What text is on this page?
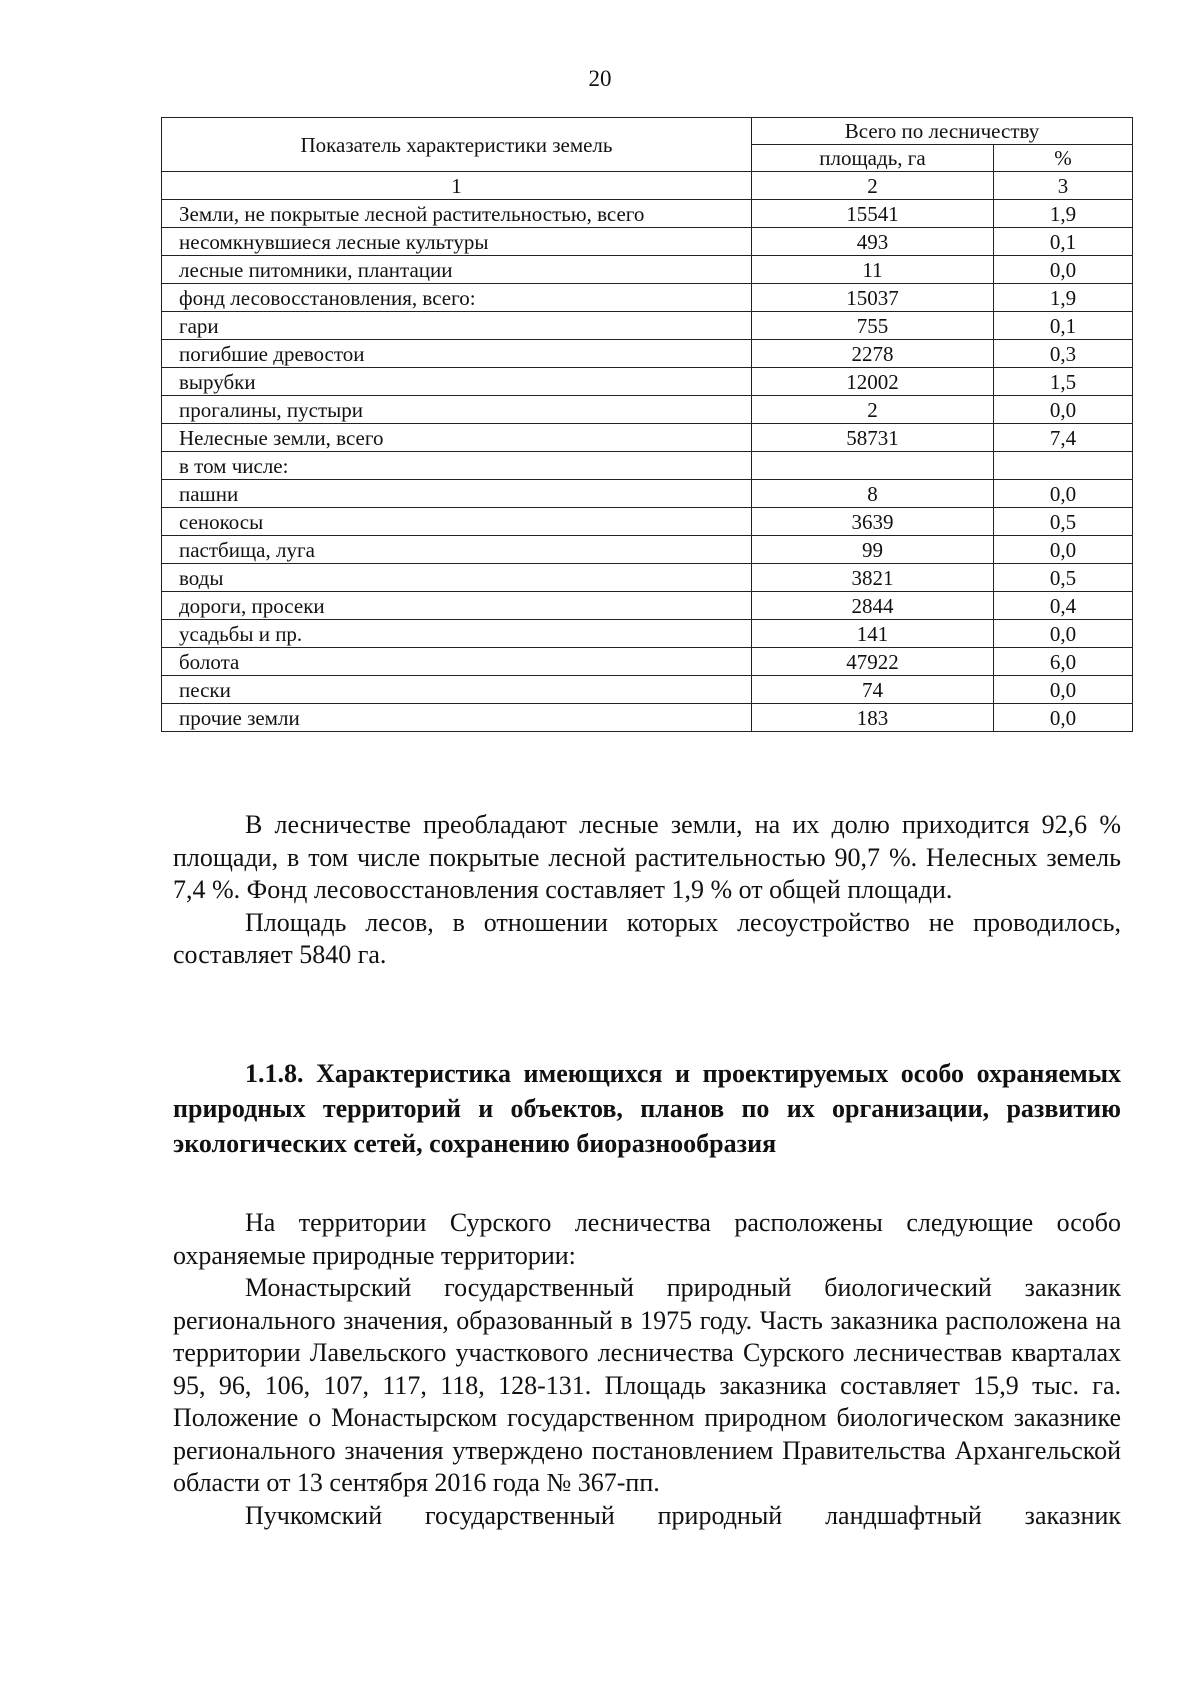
20
Показатель характеристики земель	Всего по лесничеству	
	площадь, га	%
1	2	3
Земли, не покрытые лесной растительностью, всего	15541	1,9
несомкнувшиеся лесные культуры	493	0,1
лесные питомники, плантации	11	0,0
фонд лесовосстановления, всего:	15037	1,9
гари	755	0,1
погибшие древостои	2278	0,3
вырубки	12002	1,5
прогалины, пустыри	2	0,0
Нелесные земли, всего	58731	7,4
в том числе:		
пашни	8	0,0
сенокосы	3639	0,5
пастбища, луга	99	0,0
воды	3821	0,5
дороги, просеки	2844	0,4
усадьбы и пр.	141	0,0
болота	47922	6,0
пески	74	0,0
прочие земли	183	0,0

В лесничестве преобладают лесные земли, на их долю приходится 92,6 % площади, в том числе покрытые лесной растительностью 90,7 %. Нелесных земель 7,4 %. Фонд лесовосстановления составляет 1,9 % от общей площади.

Площадь лесов, в отношении которых лесоустройство не проводилось, составляет 5840 га.

1.1.8. Характеристика имеющихся и проектируемых особо охраняемых природных территорий и объектов, планов по их организации, развитию экологических сетей, сохранению биоразнообразия

На территории Сурского лесничества расположены следующие особо охраняемые природные территории:

Монастырский государственный природный биологический заказник регионального значения, образованный в 1975 году. Часть заказника расположена на территории Лавельского участкового лесничества Сурского лесничествав кварталах 95, 96, 106, 107, 117, 118, 128-131. Площадь заказника составляет 15,9 тыс. га. Положение о Монастырском государственном природном биологическом заказнике регионального значения утверждено постановлением Правительства Архангельской области от 13 сентября 2016 года № 367-пп.

Пучкомский государственный природный ландшафтный заказник
